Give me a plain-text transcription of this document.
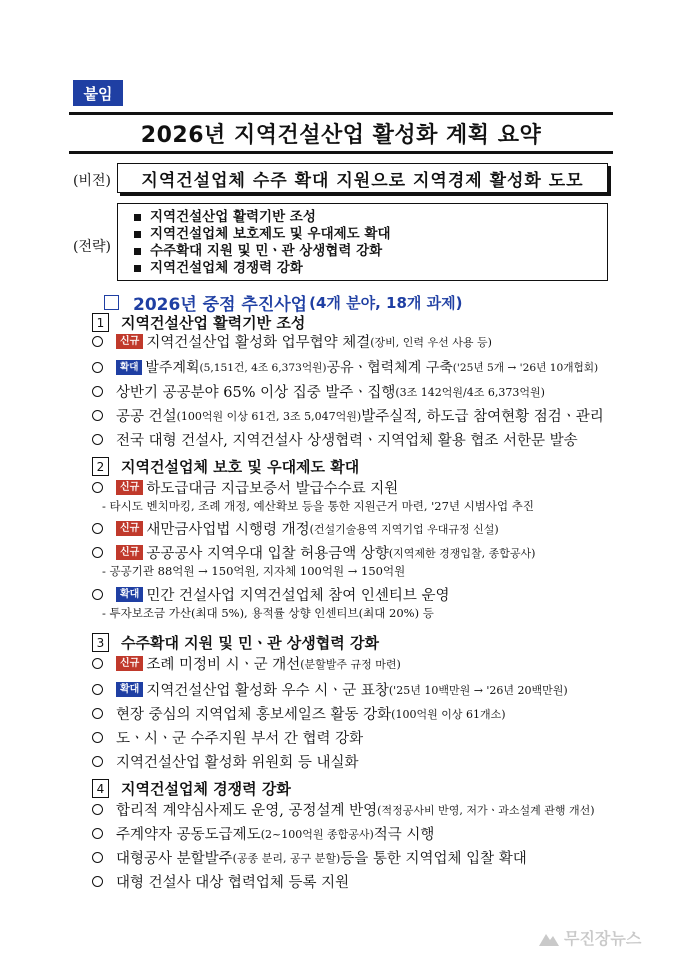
붙임
2026년 지역건설산업 활성화 계획 요약
(비전)	지역건설업체 수주 확대 지원으로 지역경제 활성화 도모
(전략)
지역건설산업 활력기반 조성
지역건설업체 보호제도 및 우대제도 확대
수주확대 지원 및 민ㆍ관 상생협력 강화
지역건설업체 경쟁력 강화
2026년 중점 추진사업 (4개 분야, 18개 과제)
1	지역건설산업 활력기반 조성
신규 지역건설산업 활성화 업무협약 체결 (장비, 인력 우선 사용 등)
확대 발주계획 (5,151건, 4조 6,373억원) 공유ㆍ협력체계 구축 ('25년 5개 → '26년 10개협회)
상반기 공공분야 65% 이상 집중 발주ㆍ집행 (3조 142억원/4조 6,373억원)
공공 건설 (100억원 이상 61건, 3조 5,047억원) 발주실적, 하도급 참여현황 점검ㆍ관리
전국 대형 건설사, 지역건설사 상생협력ㆍ지역업체 활용 협조 서한문 발송
2	지역건설업체 보호 및 우대제도 확대
신규 하도급대금 지급보증서 발급수수료 지원
- 타시도 벤치마킹, 조례 개정, 예산확보 등을 통한 지원근거 마련, '27년 시범사업 추진
신규 새만금사업법 시행령 개정 (건설기술용역 지역기업 우대규정 신설)
신규 공공공사 지역우대 입찰 허용금액 상향 (지역제한 경쟁입찰, 종합공사)
- 공공기관 88억원 → 150억원, 지자체 100억원 → 150억원
확대 민간 건설사업 지역건설업체 참여 인센티브 운영
- 투자보조금 가산(최대 5%), 용적률 상향 인센티브(최대 20%) 등
3	수주확대 지원 및 민ㆍ관 상생협력 강화
신규 조례 미정비 시ㆍ군 개선 (분할발주 규정 마련)
확대 지역건설산업 활성화 우수 시ㆍ군 표창 ('25년 10백만원 → '26년 20백만원)
현장 중심의 지역업체 홍보세일즈 활동 강화 (100억원 이상 61개소)
도ㆍ시ㆍ군 수주지원 부서 간 협력 강화
지역건설산업 활성화 위원회 등 내실화
4	지역건설업체 경쟁력 강화
합리적 계약심사제도 운영, 공정설계 반영 (적정공사비 반영, 저가ㆍ과소설계 관행 개선)
주계약자 공동도급제도 (2~100억원 종합공사) 적극 시행
대형공사 분할발주 (공종 분리, 공구 분할) 등을 통한 지역업체 입찰 확대
대형 건설사 대상 협력업체 등록 지원
무진장뉴스
